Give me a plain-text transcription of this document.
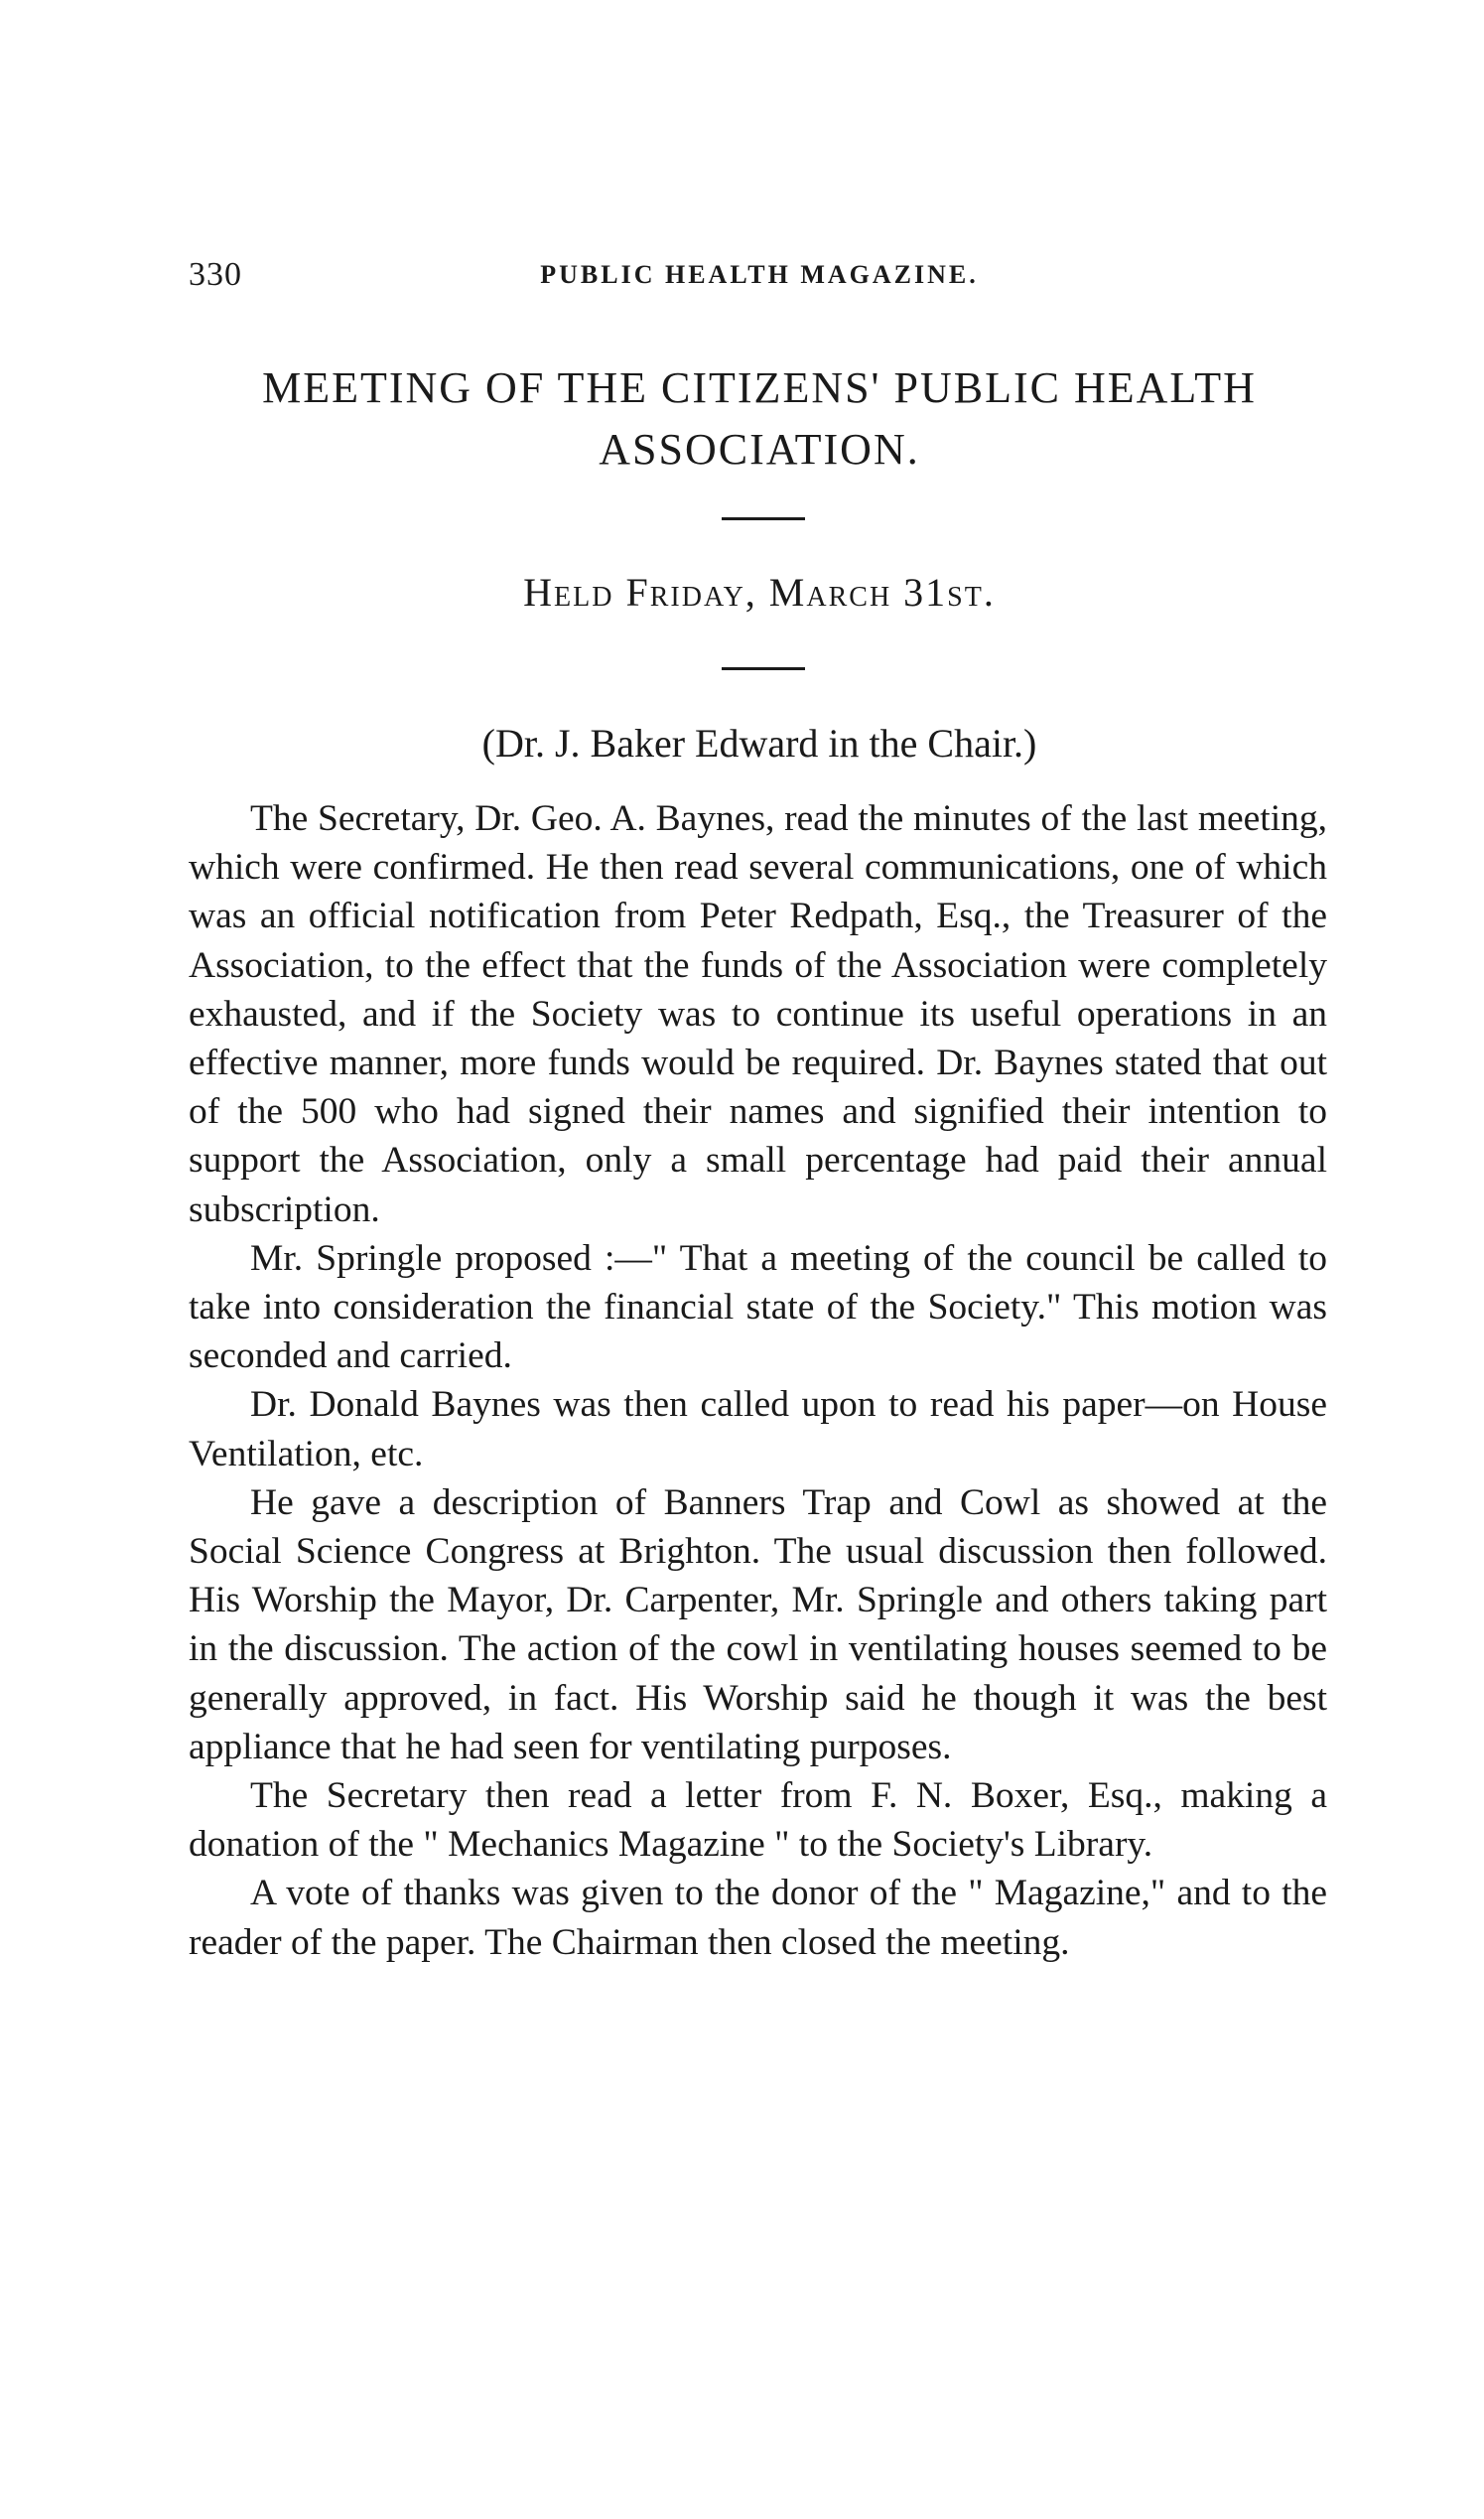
330	PUBLIC HEALTH MAGAZINE.
MEETING OF THE CITIZENS' PUBLIC HEALTH ASSOCIATION.
Held Friday, March 31st.
(Dr. J. Baker Edward in the Chair.)

The Secretary, Dr. Geo. A. Baynes, read the minutes of the last meeting, which were confirmed. He then read several communications, one of which was an official notification from Peter Redpath, Esq., the Treasurer of the Association, to the effect that the funds of the Association were completely exhausted, and if the Society was to continue its useful operations in an effective manner, more funds would be required. Dr. Baynes stated that out of the 500 who had signed their names and signified their intention to support the Association, only a small percentage had paid their annual subscription.

Mr. Springle proposed :—" That a meeting of the council be called to take into consideration the financial state of the Society." This motion was seconded and carried.

Dr. Donald Baynes was then called upon to read his paper—on House Ventilation, etc.

He gave a description of Banners Trap and Cowl as showed at the Social Science Congress at Brighton. The usual discussion then followed. His Worship the Mayor, Dr. Carpenter, Mr. Springle and others taking part in the discussion. The action of the cowl in ventilating houses seemed to be generally approved, in fact. His Worship said he though it was the best appliance that he had seen for ventilating purposes.

The Secretary then read a letter from F. N. Boxer, Esq., making a donation of the " Mechanics Magazine " to the Society's Library.

A vote of thanks was given to the donor of the " Magazine," and to the reader of the paper. The Chairman then closed the meeting.
